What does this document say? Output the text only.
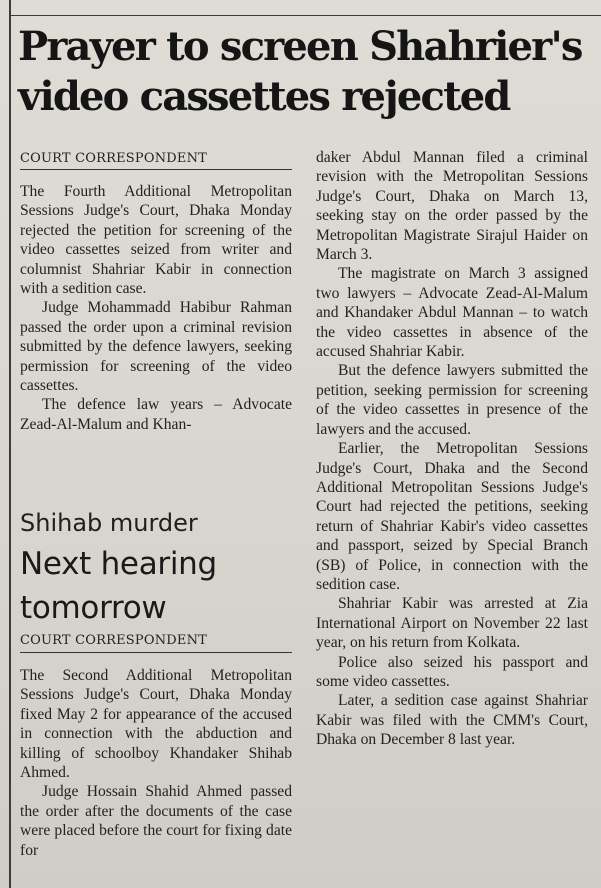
Prayer to screen Shahrier's video cassettes rejected
COURT CORRESPONDENT

The Fourth Additional Metropolitan Sessions Judge's Court, Dhaka Monday rejected the petition for screening of the video cassettes seized from writer and columnist Shahriar Kabir in connection with a sedition case.

Judge Mohammadd Habibur Rahman passed the order upon a criminal revision submitted by the defence lawyers, seeking permission for screening of the video cassettes.

The defence law years – Advocate Zead-Al-Malum and Khan-

daker Abdul Mannan filed a criminal revision with the Metropolitan Sessions Judge's Court, Dhaka on March 13, seeking stay on the order passed by the Metropolitan Magistrate Sirajul Haider on March 3.

The magistrate on March 3 assigned two lawyers – Advocate Zead-Al-Malum and Khandaker Abdul Mannan – to watch the video cassettes in absence of the accused Shahriar Kabir.

But the defence lawyers submitted the petition, seeking permission for screening of the video cassettes in presence of the lawyers and the accused.

Earlier, the Metropolitan Sessions Judge's Court, Dhaka and the Second Additional Metropolitan Sessions Judge's Court had rejected the petitions, seeking return of Shahriar Kabir's video cassettes and passport, seized by Special Branch (SB) of Police, in connection with the sedition case.

Shahriar Kabir was arrested at Zia International Airport on November 22 last year, on his return from Kolkata.

Police also seized his passport and some video cassettes.

Later, a sedition case against Shahriar Kabir was filed with the CMM's Court, Dhaka on December 8 last year.

Shihab murder
Next hearing tomorrow
COURT CORRESPONDENT

The Second Additional Metropolitan Sessions Judge's Court, Dhaka Monday fixed May 2 for appearance of the accused in connection with the abduction and killing of schoolboy Khandaker Shihab Ahmed.

Judge Hossain Shahid Ahmed passed the order after the documents of the case were placed before the court for fixing date for
